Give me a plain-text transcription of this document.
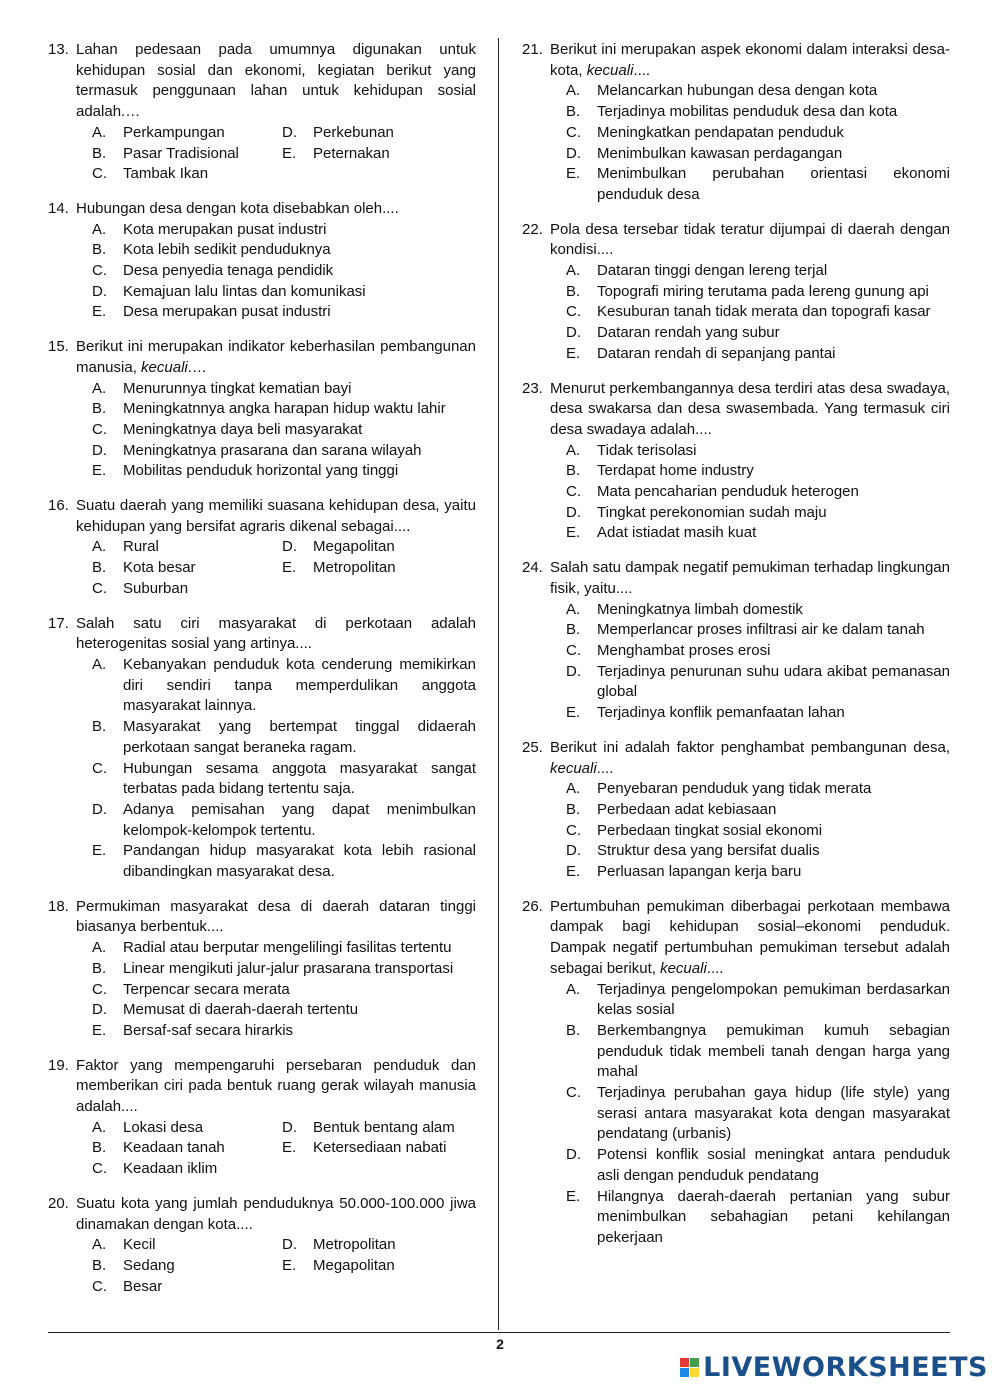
13. Lahan pedesaan pada umumnya digunakan untuk kehidupan sosial dan ekonomi, kegiatan berikut yang termasuk penggunaan lahan untuk kehidupan sosial adalah.…
A.	Perkampungan	D.	Perkebunan
B.	Pasar Tradisional	E.	Peternakan
C.	Tambak Ikan
14. Hubungan desa dengan kota disebabkan oleh....
A.	Kota merupakan pusat industri
B.	Kota lebih sedikit penduduknya
C.	Desa penyedia tenaga pendidik
D.	Kemajuan lalu lintas dan komunikasi
E.	Desa merupakan pusat industri
15. Berikut ini merupakan indikator keberhasilan pembangunan manusia, kecuali.…
A.	Menurunnya tingkat kematian bayi
B.	Meningkatnnya angka harapan hidup waktu lahir
C.	Meningkatnya daya beli masyarakat
D.	Meningkatnya prasarana dan sarana wilayah
E.	Mobilitas penduduk horizontal yang tinggi
16. Suatu daerah yang memiliki suasana kehidupan desa, yaitu kehidupan yang bersifat agraris dikenal sebagai....
A.	Rural	D.	Megapolitan
B.	Kota besar	E.	Metropolitan
C.	Suburban
17. Salah satu ciri masyarakat di perkotaan adalah heterogenitas sosial yang artinya....
A.	Kebanyakan penduduk kota cenderung memikirkan diri sendiri tanpa memperdulikan anggota masyarakat lainnya.
B.	Masyarakat yang bertempat tinggal didaerah perkotaan sangat beraneka ragam.
C.	Hubungan sesama anggota masyarakat sangat terbatas pada bidang tertentu saja.
D.	Adanya pemisahan yang dapat menimbulkan kelompok-kelompok tertentu.
E.	Pandangan hidup masyarakat kota lebih rasional dibandingkan masyarakat desa.
18. Permukiman masyarakat desa di daerah dataran tinggi biasanya berbentuk....
A.	Radial atau berputar mengelilingi fasilitas tertentu
B.	Linear mengikuti jalur-jalur prasarana transportasi
C.	Terpencar secara merata
D.	Memusat di daerah-daerah tertentu
E.	Bersaf-saf secara hirarkis
19. Faktor yang mempengaruhi persebaran penduduk dan memberikan ciri pada bentuk ruang gerak wilayah manusia adalah....
A.	Lokasi desa	D.	Bentuk bentang alam
B.	Keadaan tanah	E.	Ketersediaan nabati
C.	Keadaan iklim
20. Suatu kota yang jumlah penduduknya 50.000-100.000 jiwa dinamakan dengan kota....
A.	Kecil	D.	Metropolitan
B.	Sedang	E.	Megapolitan
C.	Besar
21. Berikut ini merupakan aspek ekonomi dalam interaksi desa-kota, kecuali....
A.	Melancarkan hubungan desa dengan kota
B.	Terjadinya mobilitas penduduk desa dan kota
C.	Meningkatkan pendapatan penduduk
D.	Menimbulkan kawasan perdagangan
E.	Menimbulkan perubahan orientasi ekonomi penduduk desa
22. Pola desa tersebar tidak teratur dijumpai di daerah dengan kondisi....
A.	Dataran tinggi dengan lereng terjal
B.	Topografi miring terutama pada lereng gunung api
C.	Kesuburan tanah tidak merata dan topografi kasar
D.	Dataran rendah yang subur
E.	Dataran rendah di sepanjang pantai
23. Menurut perkembangannya desa terdiri atas desa swadaya, desa swakarsa dan desa swasembada. Yang termasuk ciri desa swadaya adalah....
A.	Tidak terisolasi
B.	Terdapat home industry
C.	Mata pencaharian penduduk heterogen
D.	Tingkat perekonomian sudah maju
E.	Adat istiadat masih kuat
24. Salah satu dampak negatif pemukiman terhadap lingkungan fisik, yaitu....
A.	Meningkatnya limbah domestik
B.	Memperlancar proses infiltrasi air ke dalam tanah
C.	Menghambat proses erosi
D.	Terjadinya penurunan suhu udara akibat pemanasan global
E.	Terjadinya konflik pemanfaatan lahan
25. Berikut ini adalah faktor penghambat pembangunan desa, kecuali....
A.	Penyebaran penduduk yang tidak merata
B.	Perbedaan adat kebiasaan
C.	Perbedaan tingkat sosial ekonomi
D.	Struktur desa yang bersifat dualis
E.	Perluasan lapangan kerja baru
26. Pertumbuhan pemukiman diberbagai perkotaan membawa dampak bagi kehidupan sosial–ekonomi penduduk. Dampak negatif pertumbuhan pemukiman tersebut adalah sebagai berikut, kecuali....
A.	Terjadinya pengelompokan pemukiman berdasarkan kelas sosial
B.	Berkembangnya pemukiman kumuh sebagian penduduk tidak membeli tanah dengan harga yang mahal
C.	Terjadinya perubahan gaya hidup (life style) yang serasi antara masyarakat kota dengan masyarakat pendatang (urbanis)
D.	Potensi konflik sosial meningkat antara penduduk asli dengan penduduk pendatang
E.	Hilangnya daerah-daerah pertanian yang subur menimbulkan sebahagian petani kehilangan pekerjaan
2
LIVEWORKSHEETS
